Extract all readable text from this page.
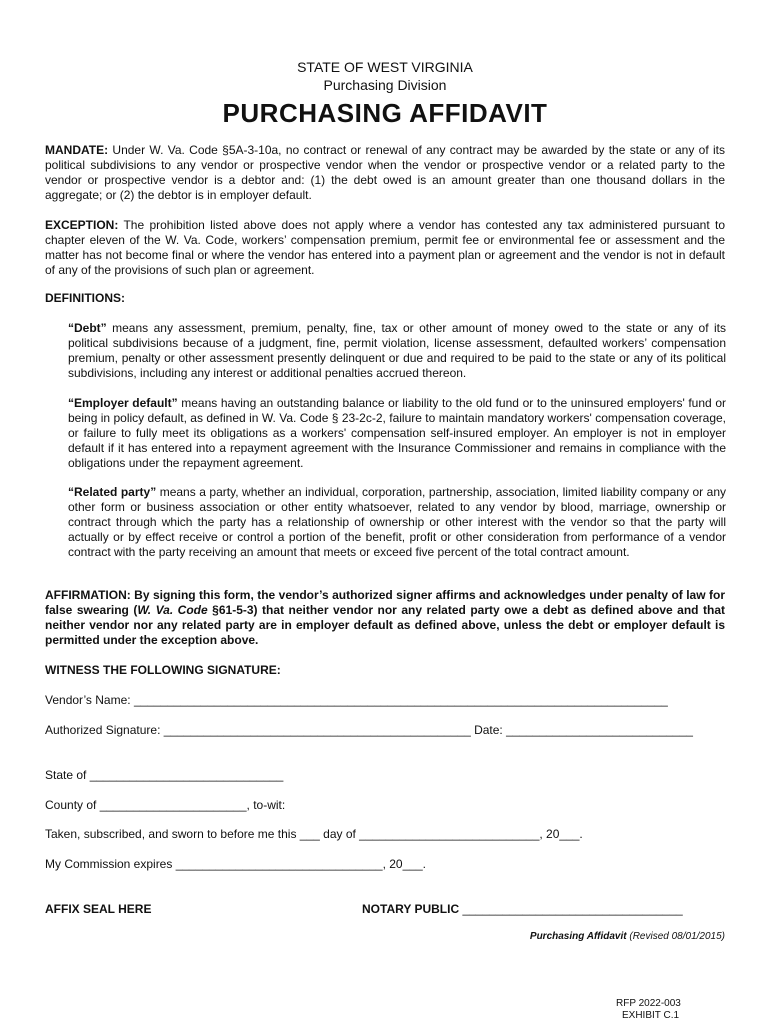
STATE OF WEST VIRGINIA
Purchasing Division
PURCHASING AFFIDAVIT
MANDATE: Under W. Va. Code §5A-3-10a, no contract or renewal of any contract may be awarded by the state or any of its political subdivisions to any vendor or prospective vendor when the vendor or prospective vendor or a related party to the vendor or prospective vendor is a debtor and: (1) the debt owed is an amount greater than one thousand dollars in the aggregate; or (2) the debtor is in employer default.
EXCEPTION: The prohibition listed above does not apply where a vendor has contested any tax administered pursuant to chapter eleven of the W. Va. Code, workers’ compensation premium, permit fee or environmental fee or assessment and the matter has not become final or where the vendor has entered into a payment plan or agreement and the vendor is not in default of any of the provisions of such plan or agreement.
DEFINITIONS:
“Debt” means any assessment, premium, penalty, fine, tax or other amount of money owed to the state or any of its political subdivisions because of a judgment, fine, permit violation, license assessment, defaulted workers’ compensation premium, penalty or other assessment presently delinquent or due and required to be paid to the state or any of its political subdivisions, including any interest or additional penalties accrued thereon.
“Employer default” means having an outstanding balance or liability to the old fund or to the uninsured employers' fund or being in policy default, as defined in W. Va. Code § 23-2c-2, failure to maintain mandatory workers' compensation coverage, or failure to fully meet its obligations as a workers' compensation self-insured employer. An employer is not in employer default if it has entered into a repayment agreement with the Insurance Commissioner and remains in compliance with the obligations under the repayment agreement.
“Related party” means a party, whether an individual, corporation, partnership, association, limited liability company or any other form or business association or other entity whatsoever, related to any vendor by blood, marriage, ownership or contract through which the party has a relationship of ownership or other interest with the vendor so that the party will actually or by effect receive or control a portion of the benefit, profit or other consideration from performance of a vendor contract with the party receiving an amount that meets or exceed five percent of the total contract amount.
AFFIRMATION: By signing this form, the vendor’s authorized signer affirms and acknowledges under penalty of law for false swearing (W. Va. Code §61-5-3) that neither vendor nor any related party owe a debt as defined above and that neither vendor nor any related party are in employer default as defined above, unless the debt or employer default is permitted under the exception above.
WITNESS THE FOLLOWING SIGNATURE:
Vendor’s Name: ________________________________________________________________________________
Authorized Signature: ______________________________________________ Date: ____________________________
State of _____________________________
County of ______________________, to-wit:
Taken, subscribed, and sworn to before me this ___ day of ___________________________, 20___.
My Commission expires _______________________________, 20___.
AFFIX SEAL HERE	NOTARY PUBLIC _________________________________
Purchasing Affidavit (Revised 08/01/2015)
RFP 2022-003
EXHIBIT C.1
